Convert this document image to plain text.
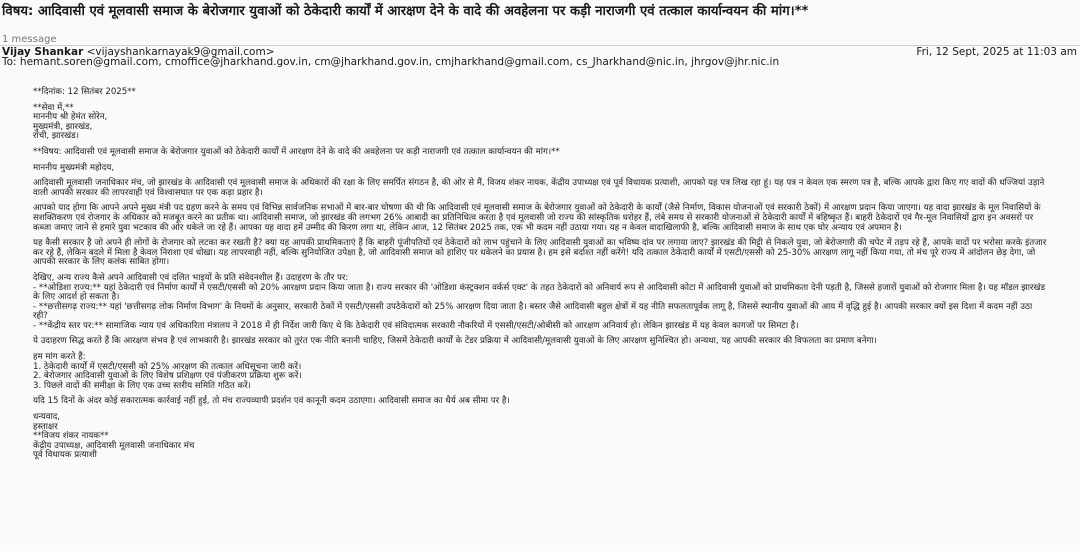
विषय: आदिवासी एवं मूलवासी समाज के बेरोजगार युवाओं को ठेकेदारी कार्यों में आरक्षण देने के वादे की अवहेलना पर कड़ी नाराजगी एवं तत्काल कार्यान्वयन की मांग।**
1 message
Vijay Shankar <vijayshankarnayak9@gmail.com>	Fri, 12 Sept, 2025 at 11:03 am
To: hemant.soren@gmail.com, cmoffice@jharkhand.gov.in, cm@jharkhand.gov.in, cmjharkhand@gmail.com, cs_Jharkhand@nic.in, jhrgov@jhr.nic.in

**दिनांक: 12 सितंबर 2025**

**सेवा में,**

माननीय श्री हेमंत सोरेन,

मुख्यमंत्री, झारखंड,

रांची, झारखंड।

**विषय: आदिवासी एवं मूलवासी समाज के बेरोजगार युवाओं को ठेकेदारी कार्यों में आरक्षण देने के वादे की अवहेलना पर कड़ी नाराजगी एवं तत्काल कार्यान्वयन की मांग।**

माननीय मुख्यमंत्री महोदय,

आदिवासी मूलवासी जनाधिकार मंच, जो झारखंड के आदिवासी एवं मूलवासी समाज के अधिकारों की रक्षा के लिए समर्पित संगठन है, की ओर से मैं, विजय शंकर नायक, केंद्रीय उपाध्यक्ष एवं पूर्व विधायक प्रत्याशी, आपको यह पत्र लिख रहा हूं। यह पत्र न केवल एक स्मरण पत्र है, बल्कि आपके द्वारा किए गए वादों की धज्जियां उड़ाने वाली आपकी सरकार की लापरवाही एवं विश्वासघात पर एक कड़ा प्रहार है।

आपको याद होगा कि आपने अपने मुख्य मंत्री पद ग्रहण करने के समय एवं विभिन्न सार्वजनिक सभाओं में बार-बार घोषणा की थी कि आदिवासी एवं मूलवासी समाज के बेरोजगार युवाओं को ठेकेदारी के कार्यों (जैसे निर्माण, विकास योजनाओं एवं सरकारी ठेकों) में आरक्षण प्रदान किया जाएगा। यह वादा झारखंड के मूल निवासियों के सशक्तिकरण एवं रोजगार के अधिकार को मजबूत करने का प्रतीक था। आदिवासी समाज, जो झारखंड की लगभग 26% आबादी का प्रतिनिधित्व करता है एवं मूलवासी जो राज्य की सांस्कृतिक धरोहर हैं, लंबे समय से सरकारी योजनाओं से ठेकेदारी कार्यों में बहिष्कृत हैं। बाहरी ठेकेदारों एवं गैर-मूल निवासियों द्वारा इन अवसरों पर कब्जा जमाए जाने से हमारे युवा भटकाव की ओर धकेले जा रहे हैं। आपका यह वादा हमें उम्मीद की किरण लगा था, लेकिन आज, 12 सितंबर 2025 तक, एक भी कदम नहीं उठाया गया। यह न केवल वादाखिलाफी है, बल्कि आदिवासी समाज के साथ एक घोर अन्याय एवं अपमान है।

यह कैसी सरकार है जो अपने ही लोगों के रोजगार को लटका कर रखती है? क्या यह आपकी प्राथमिकताएं हैं कि बाहरी पूंजीपतियों एवं ठेकेदारों को लाभ पहुंचाने के लिए आदिवासी युवाओं का भविष्य दांव पर लगाया जाए? झारखंड की मिट्टी से निकले युवा, जो बेरोजगारी की चपेट में तड़प रहे हैं, आपके वादों पर भरोसा करके इंतजार कर रहे हैं, लेकिन बदले में मिला है केवल निराशा एवं धोखा। यह लापरवाही नहीं, बल्कि सुनियोजित उपेक्षा है, जो आदिवासी समाज को हाशिए पर धकेलने का प्रयास है। हम इसे बर्दाश्त नहीं करेंगे! यदि तत्काल ठेकेदारी कार्यों में एसटी/एससी को 25-30% आरक्षण लागू नहीं किया गया, तो मंच पूरे राज्य में आंदोलन छेड़ देगा, जो आपकी सरकार के लिए कलंक साबित होगा।

देखिए, अन्य राज्य कैसे अपने आदिवासी एवं दलित भाइयों के प्रति संवेदनशील हैं। उदाहरण के तौर पर:

- **ओडिशा राज्य:** यहां ठेकेदारी एवं निर्माण कार्यों में एसटी/एससी को 20% आरक्षण प्रदान किया जाता है। राज्य सरकार की 'ओडिशा कंस्ट्रक्शन वर्कर्स एक्ट' के तहत ठेकेदारों को अनिवार्य रूप से आदिवासी कोटा में आदिवासी युवाओं को प्राथमिकता देनी पड़ती है, जिससे हजारों युवाओं को रोजगार मिला है। यह मॉडल झारखंड के लिए आदर्श हो सकता है।
- **छत्तीसगढ़ राज्य:** यहां 'छत्तीसगढ़ लोक निर्माण विभाग' के नियमों के अनुसार, सरकारी ठेकों में एसटी/एससी उपठेकेदारों को 25% आरक्षण दिया जाता है। बस्तर जैसे आदिवासी बहुल क्षेत्रों में यह नीति सफलतापूर्वक लागू है, जिससे स्थानीय युवाओं की आय में वृद्धि हुई है। आपकी सरकार क्यों इस दिशा में कदम नहीं उठा रही?
- **केंद्रीय स्तर पर:** सामाजिक न्याय एवं अधिकारिता मंत्रालय ने 2018 में ही निर्देश जारी किए थे कि ठेकेदारी एवं संविदात्मक सरकारी नौकरियों में एससी/एसटी/ओबीसी को आरक्षण अनिवार्य हो। लेकिन झारखंड में यह केवल कागजों पर सिमटा है।

ये उदाहरण सिद्ध करते हैं कि आरक्षण संभव है एवं लाभकारी है। झारखंड सरकार को तुरंत एक नीति बनानी चाहिए, जिसमें ठेकेदारी कार्यों के टेंडर प्रक्रिया में आदिवासी/मूलवासी युवाओं के लिए आरक्षण सुनिश्चित हो। अन्यथा, यह आपकी सरकार की विफलता का प्रमाण बनेगा।

हम मांग करते हैं:

1. ठेकेदारी कार्यों में एसटी/एससी को 25% आरक्षण की तत्काल अधिसूचना जारी करें।
2. बेरोजगार आदिवासी युवाओं के लिए विशेष प्रशिक्षण एवं पंजीकरण प्रक्रिया शुरू करें।
3. पिछले वादों की समीक्षा के लिए एक उच्च स्तरीय समिति गठित करें।

यदि 15 दिनों के अंदर कोई सकारात्मक कार्रवाई नहीं हुई, तो मंच राज्यव्यापी प्रदर्शन एवं कानूनी कदम उठाएगा। आदिवासी समाज का धैर्य अब सीमा पर है।

धन्यवाद,

हस्ताक्षर

**विजय शंकर नायक**

केंद्रीय उपाध्यक्ष, आदिवासी मूलवासी जनाधिकार मंच

पूर्व विधायक प्रत्याशी
